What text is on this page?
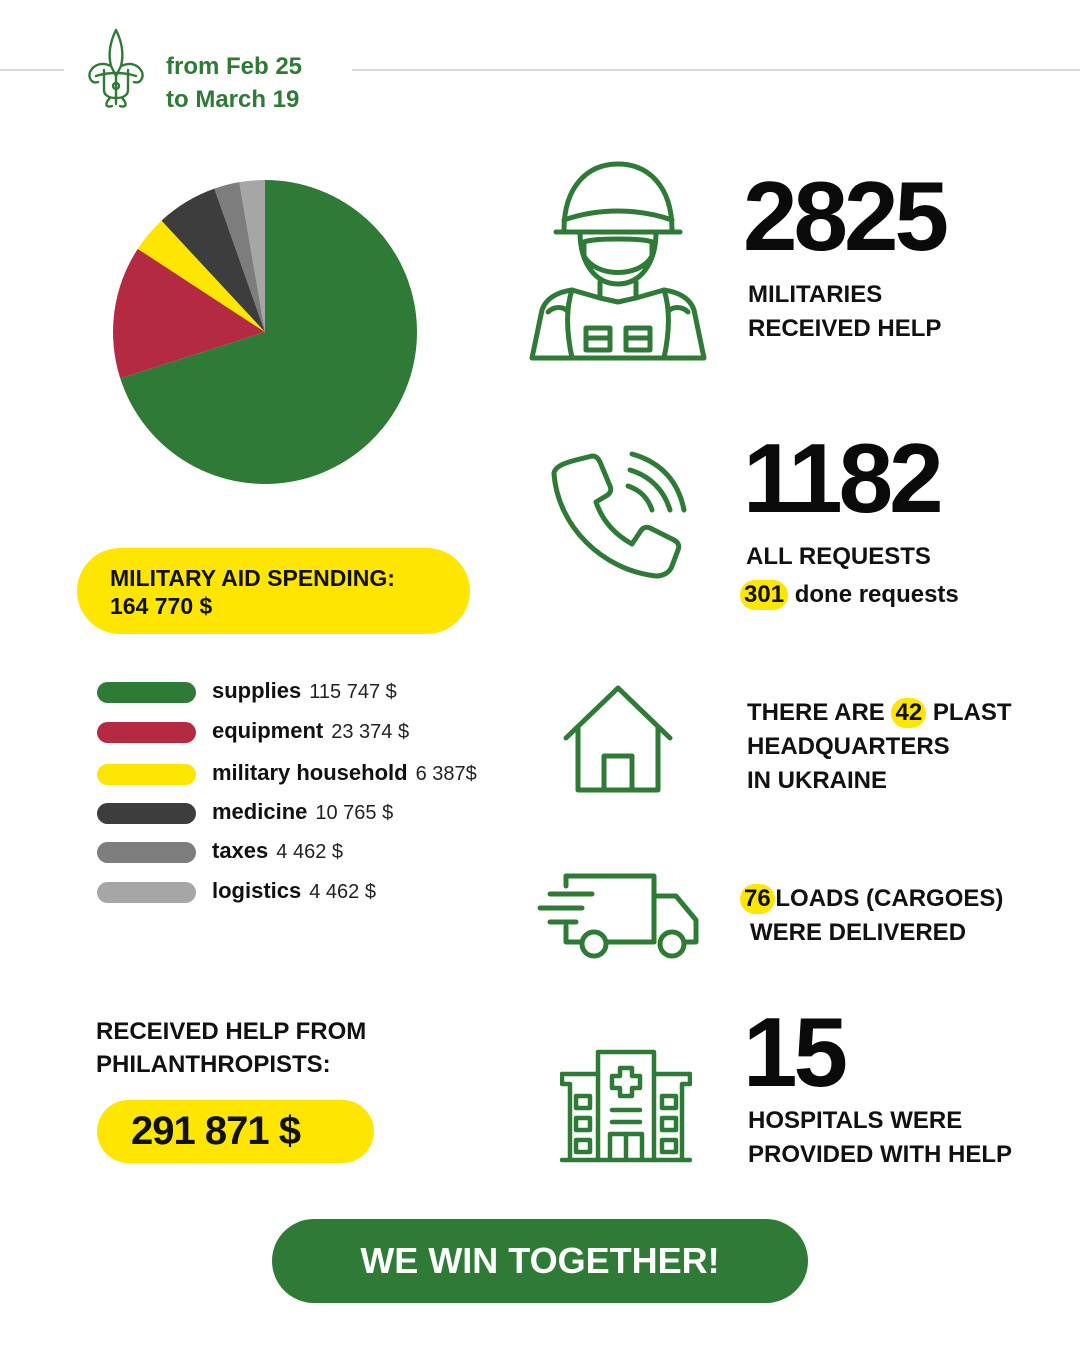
from Feb 25
to March 19
MILITARY AID SPENDING:
164 770 $
supplies 115 747 $
equipment 23 374 $
military household 6 387$
medicine 10 765 $
taxes 4 462 $
logistics 4 462 $
RECEIVED HELP FROM
PHILANTHROPISTS:
291 871 $
2825
MILITARIES
RECEIVED HELP
1182
ALL REQUESTS
301 done requests
THERE ARE 42 PLAST
HEADQUARTERS
IN UKRAINE
76 LOADS (CARGOES)
WERE DELIVERED
15
HOSPITALS WERE
PROVIDED WITH HELP
WE WIN TOGETHER!
